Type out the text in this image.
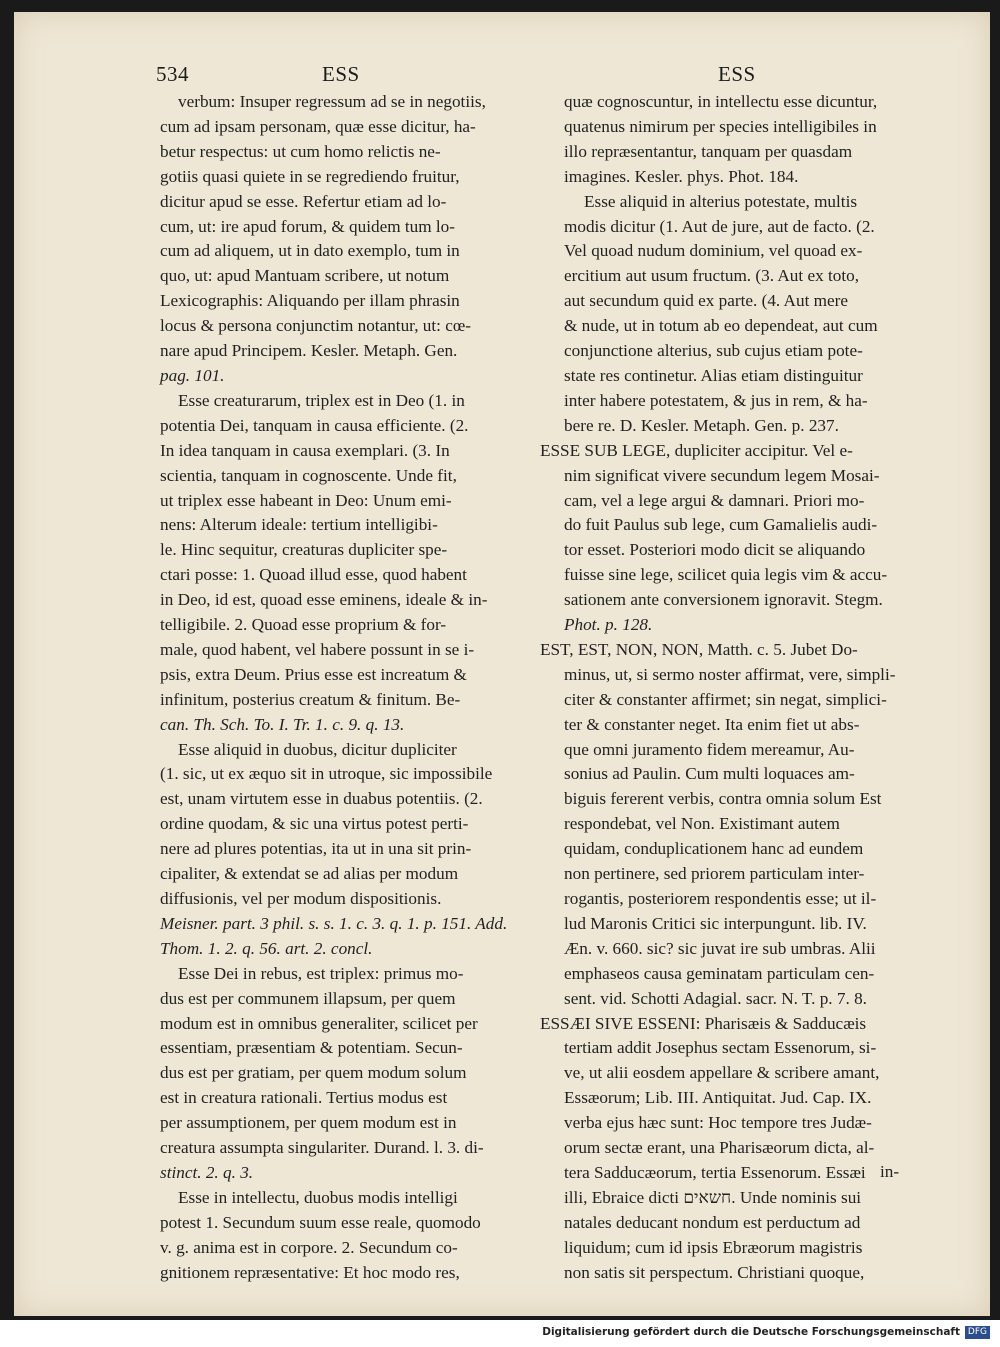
534	ESS	ESS
verbum: Insuper regressum ad se in negotiis,
cum ad ipsam personam, quæ esse dicitur, ha-
betur respectus: ut cum homo relictis ne-
gotiis quasi quiete in se regrediendo fruitur,
dicitur apud se esse. Refertur etiam ad lo-
cum, ut: ire apud forum, & quidem tum lo-
cum ad aliquem, ut in dato exemplo, tum in
quo, ut: apud Mantuam scribere, ut notum
Lexicographis: Aliquando per illam phrasin
locus & persona conjunctim notantur, ut: cœ-
nare apud Principem. Kesler. Metaph. Gen.
pag. 101.
Esse creaturarum, triplex est in Deo (1. in
potentia Dei, tanquam in causa efficiente. (2.
In idea tanquam in causa exemplari. (3. In
scientia, tanquam in cognoscente. Unde fit,
ut triplex esse habeant in Deo: Unum emi-
nens: Alterum ideale: tertium intelligibi-
le. Hinc sequitur, creaturas dupliciter spe-
ctari posse: 1. Quoad illud esse, quod habent
in Deo, id est, quoad esse eminens, ideale & in-
telligibile. 2. Quoad esse proprium & for-
male, quod habent, vel habere possunt in se i-
psis, extra Deum. Prius esse est increatum &
infinitum, posterius creatum & finitum. Be-
can. Th. Sch. To. I. Tr. 1. c. 9. q. 13.
Esse aliquid in duobus, dicitur dupliciter
(1. sic, ut ex æquo sit in utroque, sic impossibile
est, unam virtutem esse in duabus potentiis. (2.
ordine quodam, & sic una virtus potest perti-
nere ad plures potentias, ita ut in una sit prin-
cipaliter, & extendat se ad alias per modum
diffusionis, vel per modum dispositionis.
Meisner. part. 3 phil. s. s. 1. c. 3. q. 1. p. 151. Add.
Thom. 1. 2. q. 56. art. 2. concl.
Esse Dei in rebus, est triplex: primus mo-
dus est per communem illapsum, per quem
modum est in omnibus generaliter, scilicet per
essentiam, præsentiam & potentiam. Secun-
dus est per gratiam, per quem modum solum
est in creatura rationali. Tertius modus est
per assumptionem, per quem modum est in
creatura assumpta singulariter. Durand. l. 3. di-
stinct. 2. q. 3.
Esse in intellectu, duobus modis intelligi
potest 1. Secundum suum esse reale, quomodo
v. g. anima est in corpore. 2. Secundum co-
gnitionem repræsentative: Et hoc modo res,
quæ cognoscuntur, in intellectu esse dicuntur,
quatenus nimirum per species intelligibiles in
illo repræsentantur, tanquam per quasdam
imagines. Kesler. phys. Phot. 184.
Esse aliquid in alterius potestate, multis
modis dicitur (1. Aut de jure, aut de facto. (2.
Vel quoad nudum dominium, vel quoad ex-
ercitium aut usum fructum. (3. Aut ex toto,
aut secundum quid ex parte. (4. Aut mere
& nude, ut in totum ab eo dependeat, aut cum
conjunctione alterius, sub cujus etiam pote-
state res continetur. Alias etiam distinguitur
inter habere potestatem, & jus in rem, & ha-
bere re. D. Kesler. Metaph. Gen. p. 237.
ESSE SUB LEGE, dupliciter accipitur. Vel e-
nim significat vivere secundum legem Mosai-
cam, vel a lege argui & damnari. Priori mo-
do fuit Paulus sub lege, cum Gamalielis audi-
tor esset. Posteriori modo dicit se aliquando
fuisse sine lege, scilicet quia legis vim & accu-
sationem ante conversionem ignoravit. Stegm.
Phot. p. 128.
EST, EST, NON, NON, Matth. c. 5. Jubet Do-
minus, ut, si sermo noster affirmat, vere, simpli-
citer & constanter affirmet; sin negat, simplici-
ter & constanter neget. Ita enim fiet ut abs-
que omni juramento fidem mereamur, Au-
sonius ad Paulin. Cum multi loquaces am-
biguis fererent verbis, contra omnia solum Est
respondebat, vel Non. Existimant autem
quidam, conduplicationem hanc ad eundem
non pertinere, sed priorem particulam inter-
rogantis, posteriorem respondentis esse; ut il-
lud Maronis Critici sic interpungunt. lib. IV.
Æn. v. 660. sic? sic juvat ire sub umbras. Alii
emphaseos causa geminatam particulam cen-
sent. vid. Schotti Adagial. sacr. N. T. p. 7. 8.
ESSÆI SIVE ESSENI: Pharisæis & Sadducæis
tertiam addit Josephus sectam Essenorum, si-
ve, ut alii eosdem appellare & scribere amant,
Essæorum; Lib. III. Antiquitat. Jud. Cap. IX.
verba ejus hæc sunt: Hoc tempore tres Judæ-
orum sectæ erant, una Pharisæorum dicta, al-
tera Sadducæorum, tertia Essenorum. Essæi
illi, Ebraice dicti חשאים. Unde nominis sui
natales deducant nondum est perductum ad
liquidum; cum id ipsis Ebræorum magistris
non satis sit perspectum. Christiani quoque,
in-
Digitalisierung gefördert durch die Deutsche Forschungsgemeinschaft DFG
